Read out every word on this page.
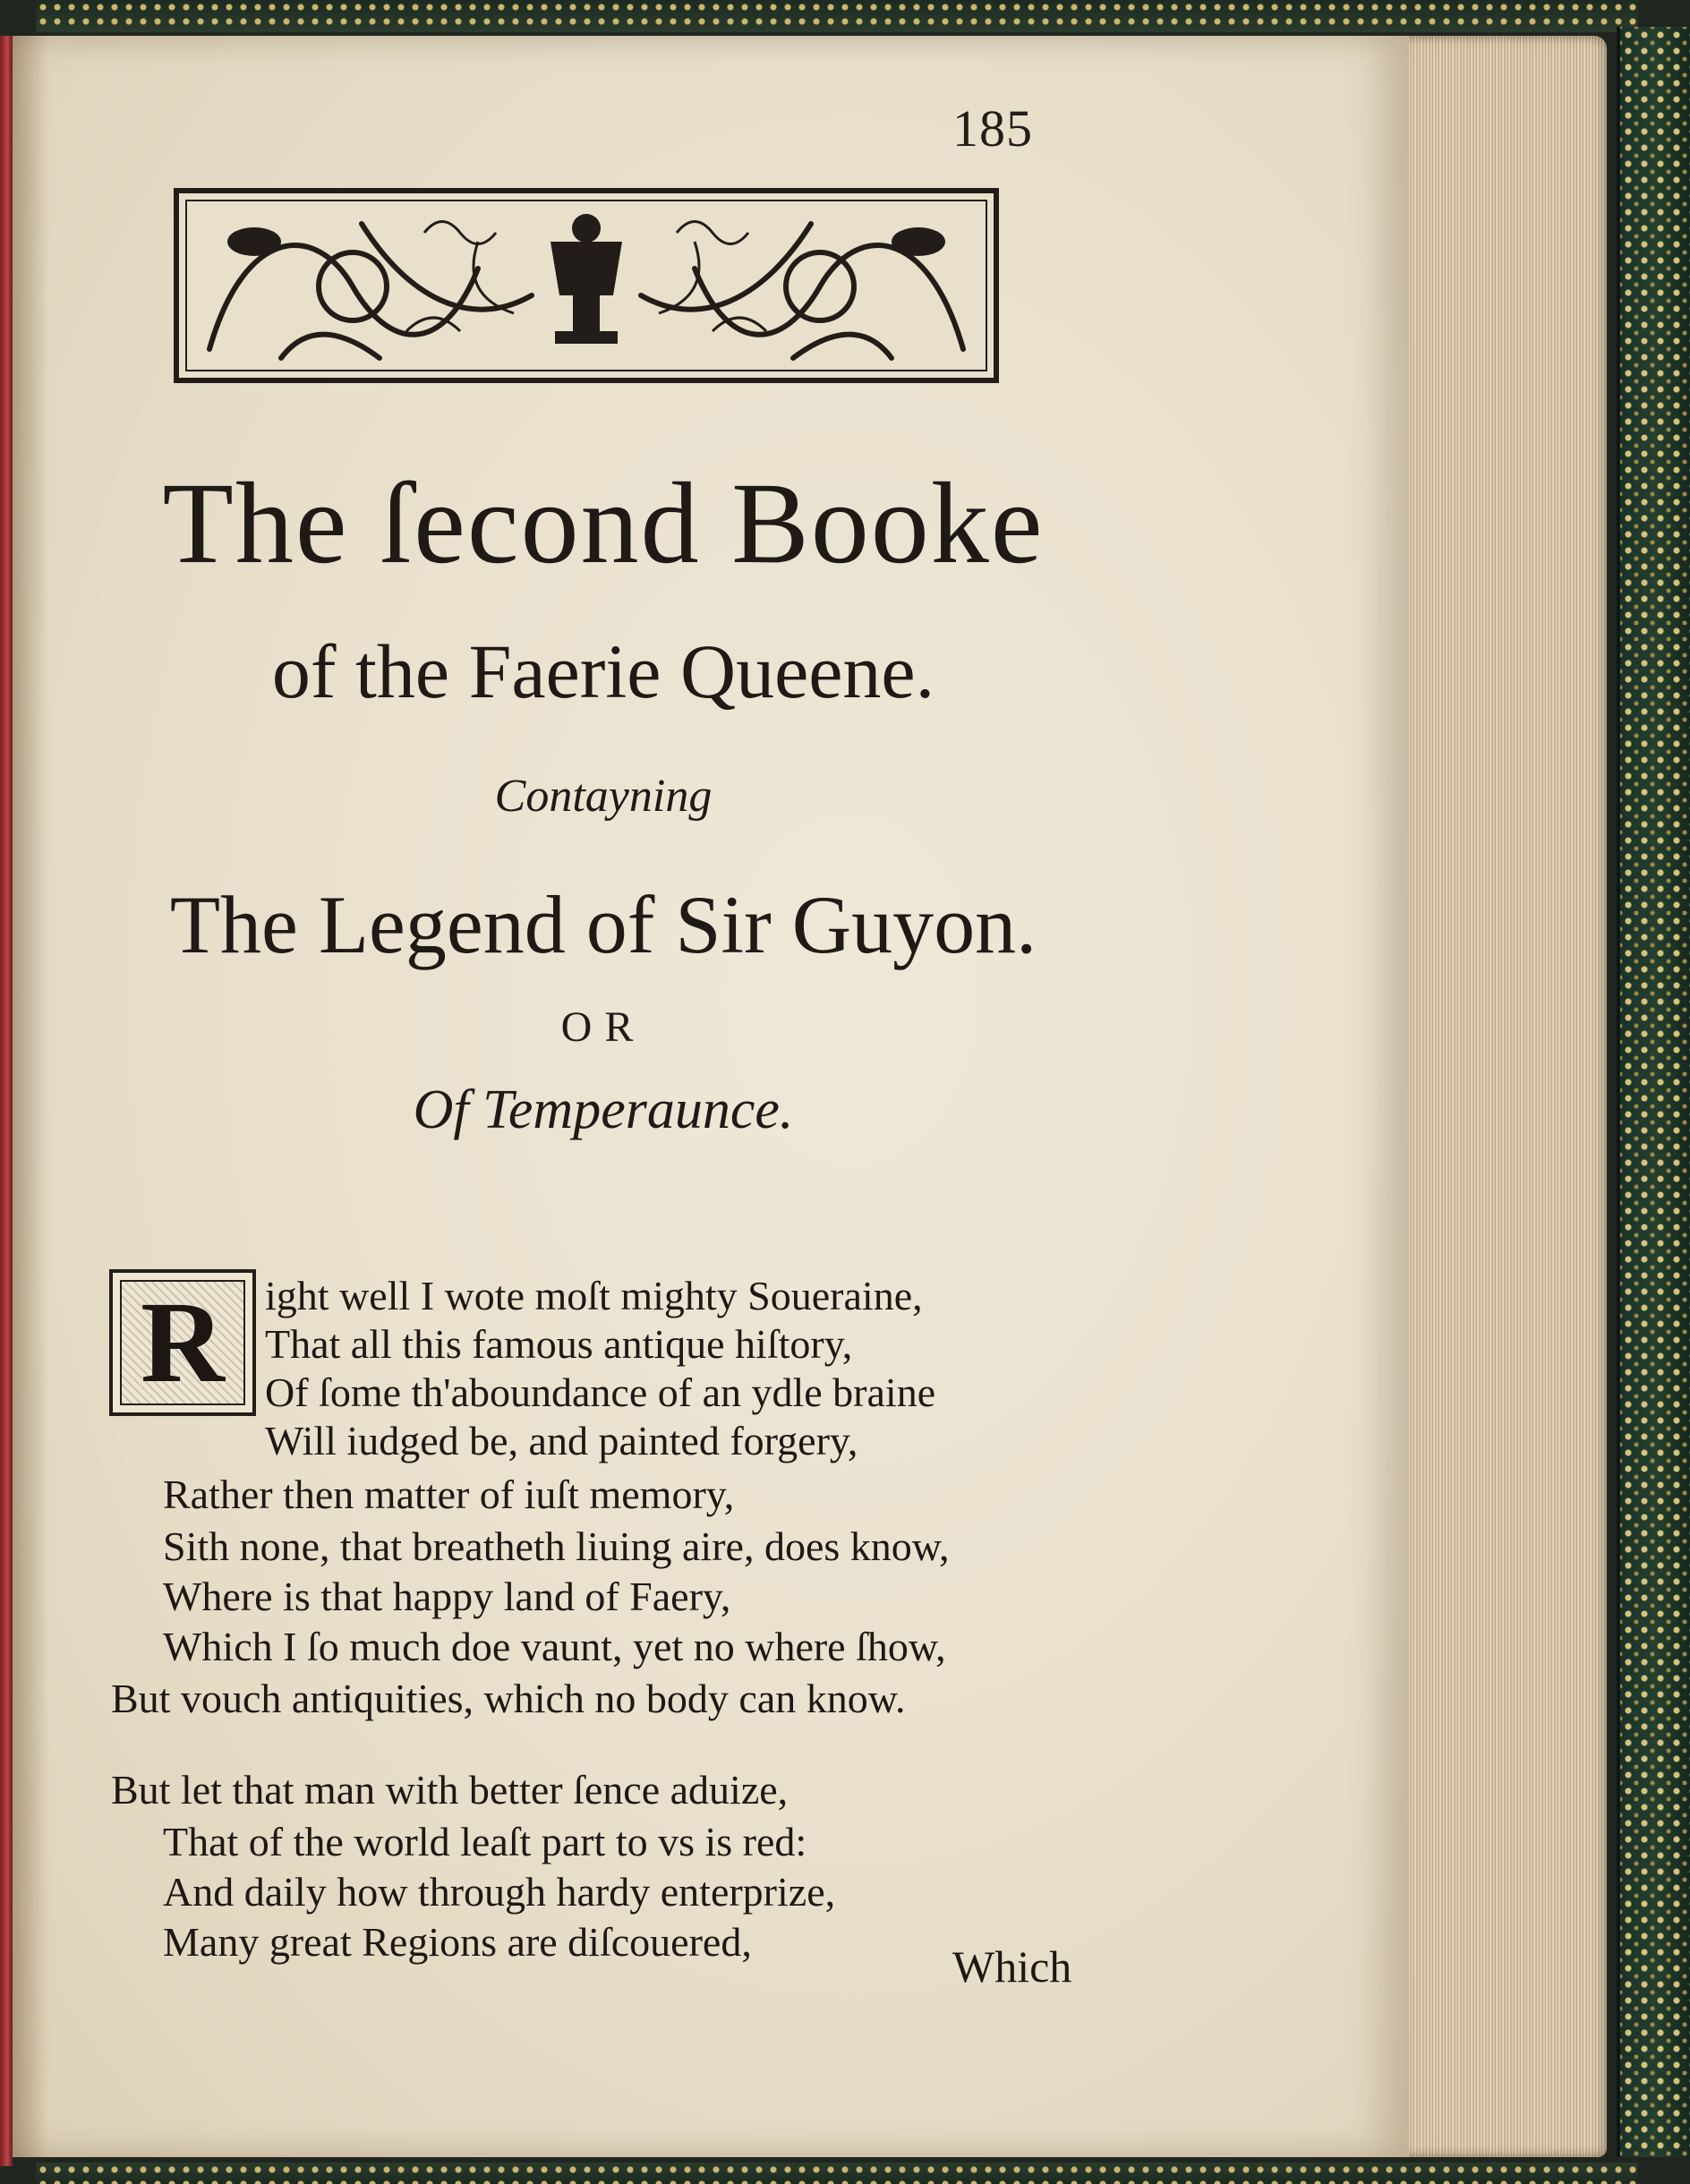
185
The ſecond Booke
of the Faerie Queene.
Contayning
The Legend of Sir Guyon.
OR
Of Temperaunce.
R ight well I wote moſt mighty Soueraine,
That all this famous antique hiſtory,
Of ſome th'aboundance of an ydle braine
Will iudged be, and painted forgery,
Rather then matter of iuſt memory,
Sith none, that breatheth liuing aire, does know,
Where is that happy land of Faery,
Which I ſo much doe vaunt, yet no where ſhow,
But vouch antiquities, which no body can know.
But let that man with better ſence aduize,
That of the world leaſt part to vs is red:
And daily how through hardy enterprize,
Many great Regions are diſcouered,	Which
